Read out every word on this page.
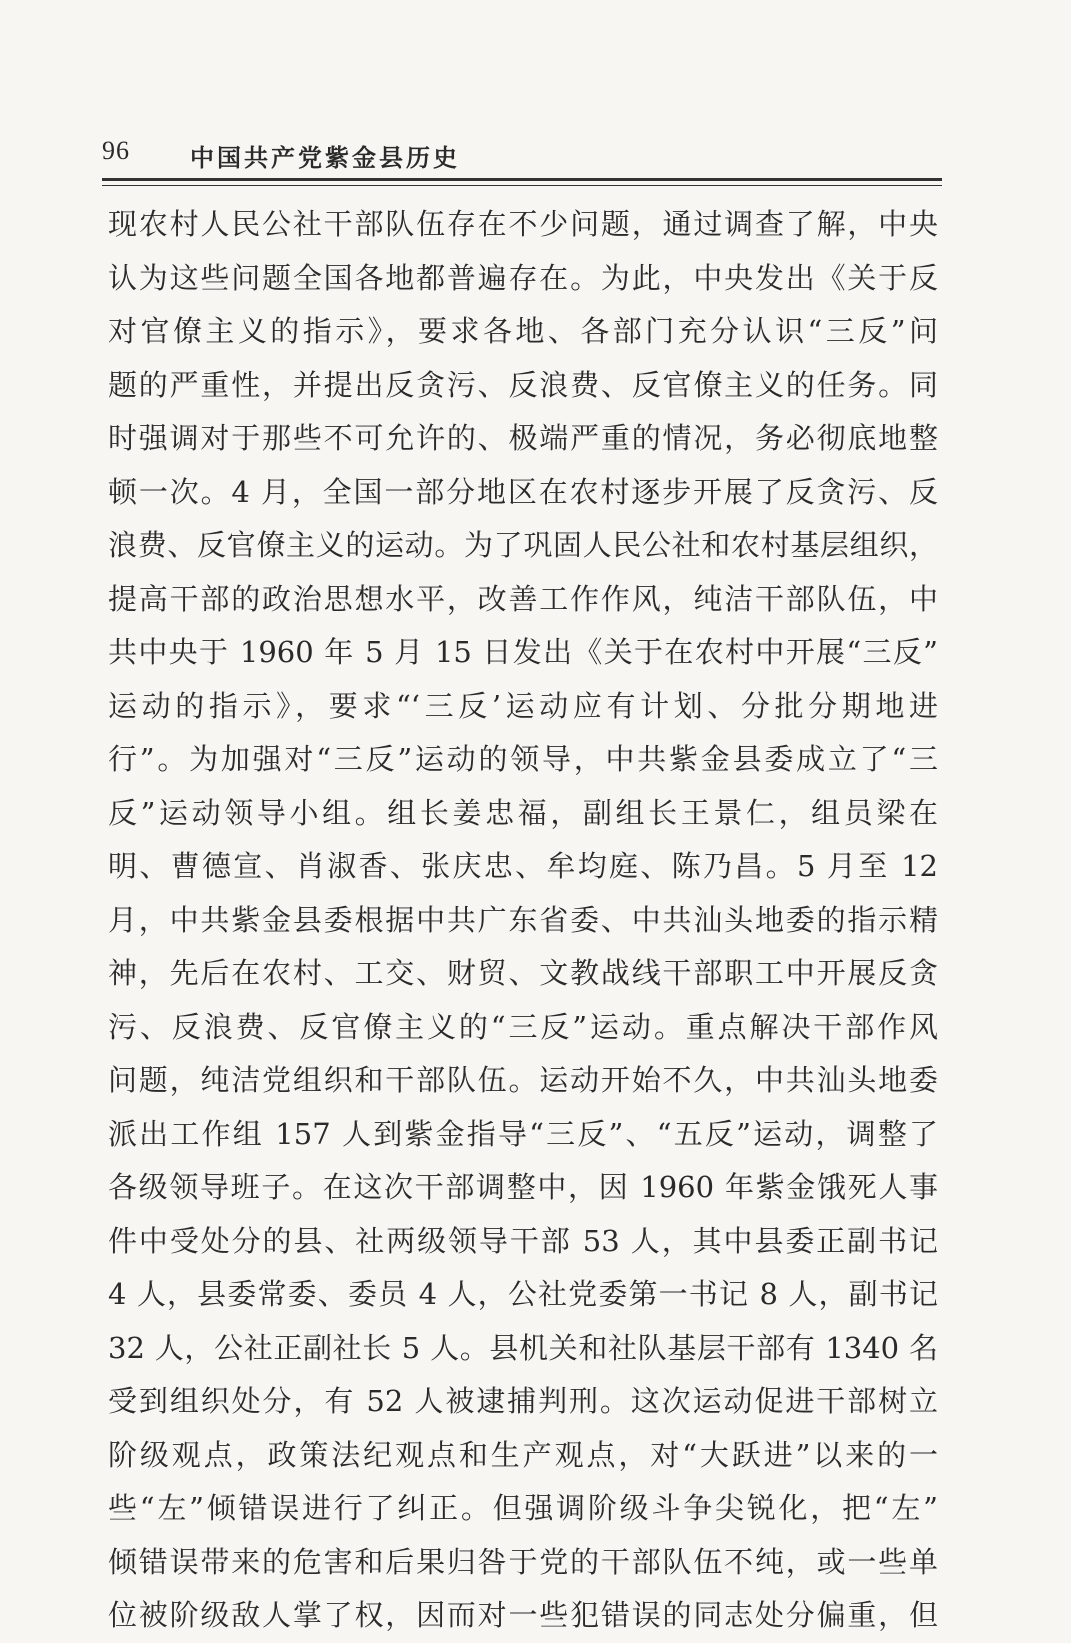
96	中国共产党紫金县历史
现农村人民公社干部队伍存在不少问题，通过调查了解，中央
认为这些问题全国各地都普遍存在。为此，中央发出《关于反
对官僚主义的指示》，要求各地、各部门充分认识“三反”问
题的严重性，并提出反贪污、反浪费、反官僚主义的任务。同
时强调对于那些不可允许的、极端严重的情况，务必彻底地整
顿一次。4 月，全国一部分地区在农村逐步开展了反贪污、反
浪费、反官僚主义的运动。为了巩固人民公社和农村基层组织，
提高干部的政治思想水平，改善工作作风，纯洁干部队伍，中
共中央于 1960 年 5 月 15 日发出《关于在农村中开展“三反”
运动的指示》，要求“‘三反’运动应有计划、分批分期地进
行”。为加强对“三反”运动的领导，中共紫金县委成立了“三
反”运动领导小组。组长姜忠福，副组长王景仁，组员梁在
明、曹德宣、肖淑香、张庆忠、牟均庭、陈乃昌。5 月至 12
月，中共紫金县委根据中共广东省委、中共汕头地委的指示精
神，先后在农村、工交、财贸、文教战线干部职工中开展反贪
污、反浪费、反官僚主义的“三反”运动。重点解决干部作风
问题，纯洁党组织和干部队伍。运动开始不久，中共汕头地委
派出工作组 157 人到紫金指导“三反”、“五反”运动，调整了
各级领导班子。在这次干部调整中，因 1960 年紫金饿死人事
件中受处分的县、社两级领导干部 53 人，其中县委正副书记
4 人，县委常委、委员 4 人，公社党委第一书记 8 人，副书记
32 人，公社正副社长 5 人。县机关和社队基层干部有 1340 名
受到组织处分，有 52 人被逮捕判刑。这次运动促进干部树立
阶级观点，政策法纪观点和生产观点，对“大跃进”以来的一
些“左”倾错误进行了纠正。但强调阶级斗争尖锐化，把“左”
倾错误带来的危害和后果归咎于党的干部队伍不纯，或一些单
位被阶级敌人掌了权，因而对一些犯错误的同志处分偏重，但
